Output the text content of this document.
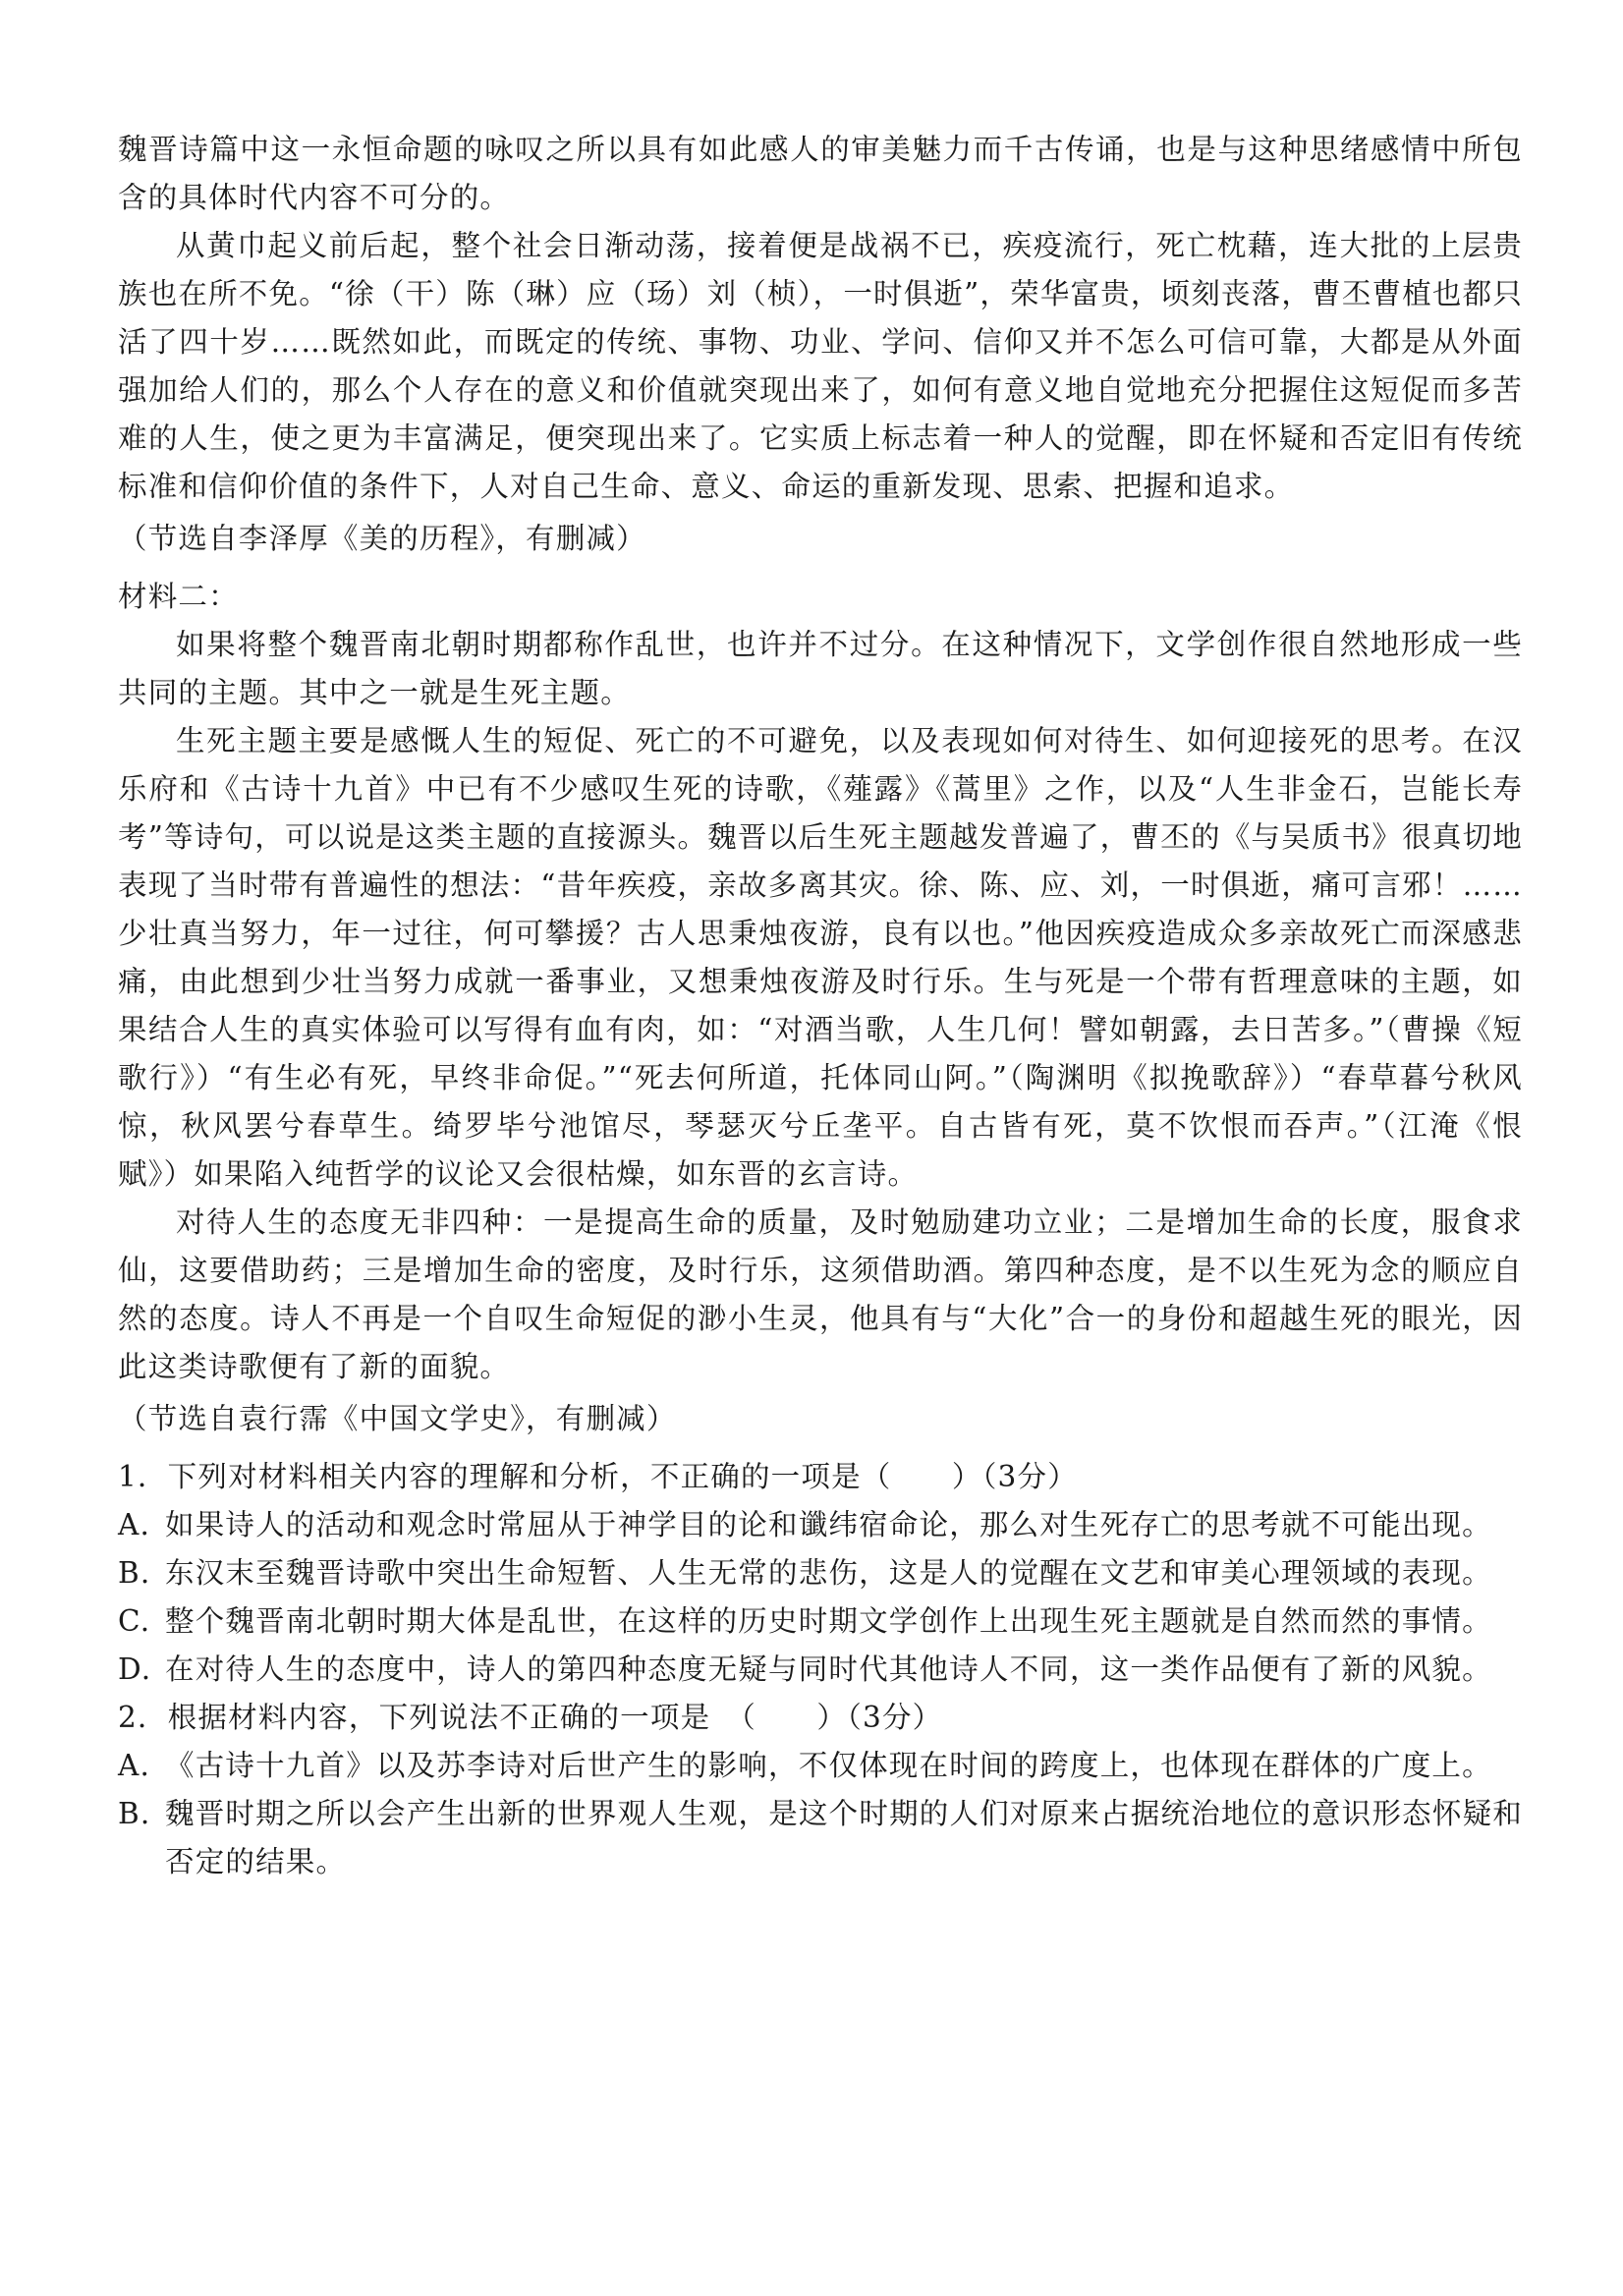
魏晋诗篇中这一永恒命题的咏叹之所以具有如此感人的审美魅力而千古传诵，也是与这种思绪感情中所包含的具体时代内容不可分的。

从黄巾起义前后起，整个社会日渐动荡，接着便是战祸不已，疾疫流行，死亡枕藉，连大批的上层贵族也在所不免。“徐（干）陈（琳）应（玚）刘（桢），一时俱逝”，荣华富贵，顷刻丧落，曹丕曹植也都只活了四十岁……既然如此，而既定的传统、事物、功业、学问、信仰又并不怎么可信可靠，大都是从外面强加给人们的，那么个人存在的意义和价值就突现出来了，如何有意义地自觉地充分把握住这短促而多苦难的人生，使之更为丰富满足，便突现出来了。它实质上标志着一种人的觉醒，即在怀疑和否定旧有传统标准和信仰价值的条件下，人对自己生命、意义、命运的重新发现、思索、把握和追求。

（节选自李泽厚《美的历程》，有删减）

材料二：

如果将整个魏晋南北朝时期都称作乱世，也许并不过分。在这种情况下，文学创作很自然地形成一些共同的主题。其中之一就是生死主题。

生死主题主要是感慨人生的短促、死亡的不可避免，以及表现如何对待生、如何迎接死的思考。在汉乐府和《古诗十九首》中已有不少感叹生死的诗歌，《薤露》《蒿里》之作，以及“人生非金石，岂能长寿考”等诗句，可以说是这类主题的直接源头。魏晋以后生死主题越发普遍了，曹丕的《与吴质书》很真切地表现了当时带有普遍性的想法：“昔年疾疫，亲故多离其灾。徐、陈、应、刘，一时俱逝，痛可言邪！……少壮真当努力，年一过往，何可攀援？古人思秉烛夜游，良有以也。”他因疾疫造成众多亲故死亡而深感悲痛，由此想到少壮当努力成就一番事业，又想秉烛夜游及时行乐。生与死是一个带有哲理意味的主题，如果结合人生的真实体验可以写得有血有肉，如：“对酒当歌，人生几何！譬如朝露，去日苦多。”（曹操《短歌行》）“有生必有死，早终非命促。”“死去何所道，托体同山阿。”（陶渊明《拟挽歌辞》）“春草暮兮秋风惊，秋风罢兮春草生。绮罗毕兮池馆尽，琴瑟灭兮丘垄平。自古皆有死，莫不饮恨而吞声。”（江淹《恨赋》）如果陷入纯哲学的议论又会很枯燥，如东晋的玄言诗。

对待人生的态度无非四种：一是提高生命的质量，及时勉励建功立业；二是增加生命的长度，服食求仙，这要借助药；三是增加生命的密度，及时行乐，这须借助酒。第四种态度，是不以生死为念的顺应自然的态度。诗人不再是一个自叹生命短促的渺小生灵，他具有与“大化”合一的身份和超越生死的眼光，因此这类诗歌便有了新的面貌。

（节选自袁行霈《中国文学史》，有删减）

1．下列对材料相关内容的理解和分析，不正确的一项是（　　）（3分）

A. 如果诗人的活动和观念时常屈从于神学目的论和谶纬宿命论，那么对生死存亡的思考就不可能出现。
B. 东汉末至魏晋诗歌中突出生命短暂、人生无常的悲伤，这是人的觉醒在文艺和审美心理领域的表现。
C. 整个魏晋南北朝时期大体是乱世，在这样的历史时期文学创作上出现生死主题就是自然而然的事情。
D. 在对待人生的态度中，诗人的第四种态度无疑与同时代其他诗人不同，这一类作品便有了新的风貌。

2．根据材料内容，下列说法不正确的一项是　（　　）（3分）

A. 《古诗十九首》以及苏李诗对后世产生的影响，不仅体现在时间的跨度上，也体现在群体的广度上。
B. 魏晋时期之所以会产生出新的世界观人生观，是这个时期的人们对原来占据统治地位的意识形态怀疑和否定的结果。
